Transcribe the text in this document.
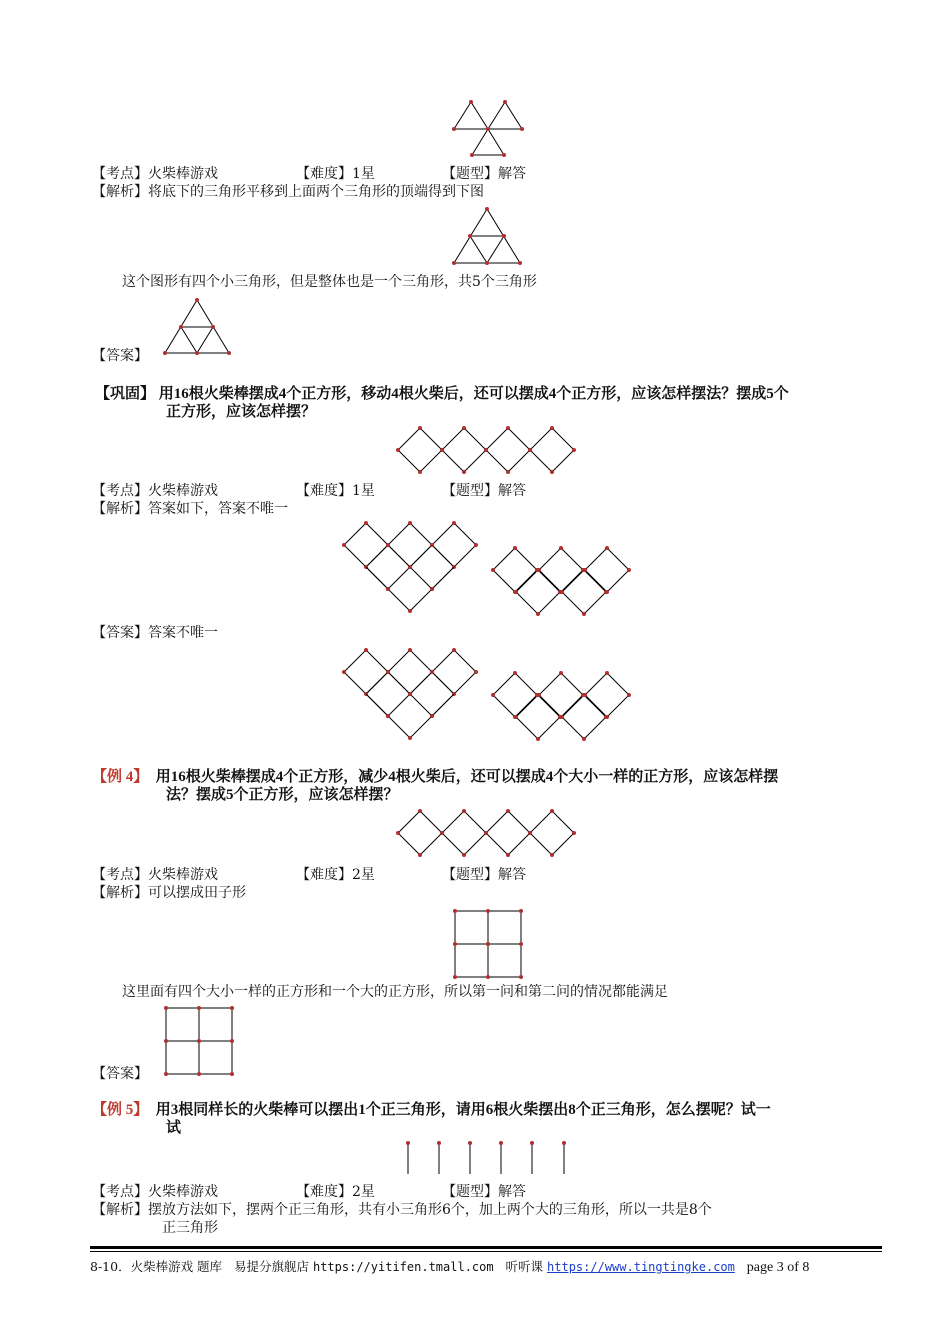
【考点】火柴棒游戏	【难度】1星	【题型】解答
【解析】将底下的三角形平移到上面两个三角形的顶端得到下图
这个图形有四个小三角形，但是整体也是一个三角形，共5个三角形
【答案】
【巩固】 用16根火柴棒摆成4个正方形，移动4根火柴后，还可以摆成4个正方形，应该怎样摆法？摆成5个
正方形，应该怎样摆？
【考点】火柴棒游戏	【难度】1星	【题型】解答
【解析】答案如下，答案不唯一
【答案】答案不唯一
【例 4】 用16根火柴棒摆成4个正方形，减少4根火柴后，还可以摆成4个大小一样的正方形，应该怎样摆
法？摆成5个正方形，应该怎样摆？
【考点】火柴棒游戏	【难度】2星	【题型】解答
【解析】可以摆成田子形
这里面有四个大小一样的正方形和一个大的正方形，所以第一问和第二问的情况都能满足
【答案】
【例 5】 用3根同样长的火柴棒可以摆出1个正三角形，请用6根火柴摆出8个正三角形，怎么摆呢？试一
试
【考点】火柴棒游戏	【难度】2星	【题型】解答
【解析】摆放方法如下，摆两个正三角形，共有小三角形6个，加上两个大的三角形，所以一共是8个
正三角形
8-10．火柴棒游戏 题库 易提分旗舰店 https://yitifen.tmall.com 听听课 https://www.tingtingke.com page 3 of 8
